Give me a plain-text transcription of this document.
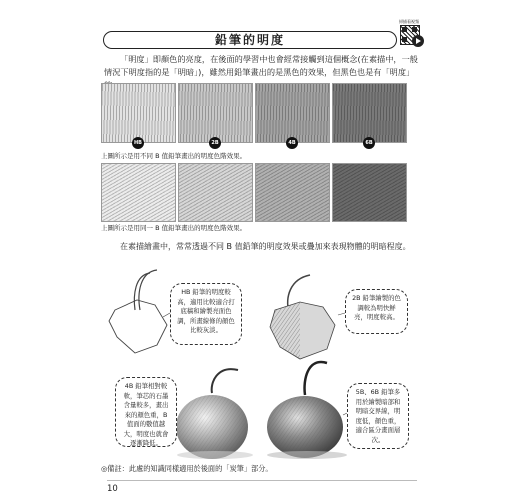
鉛筆的明度
掃描看視頻
「明度」即顏色的亮度，在後面的學習中也會經常接觸到這個概念(在素描中，一般情況下明度指的是「明暗」)，雖然用鉛筆畫出的是黑色的效果，但黑色也是有「明度」
HB	2B	4B	6B
上圖所示是用不同 B 值鉛筆畫出的明度色階效果。
上圖所示是用同一 B 值鉛筆畫出的明度色階效果。
在素描繪畫中，常常透過不同 B 值鉛筆的明度效果或疊加來表現物體的明暗程度。
HB 鉛筆的明度較高，適用比較適合打底稿和繪製亮面色調，所畫線條的顏色比較灰淡。
2B 鉛筆繪製的色調較為明快鮮亮，明度較高。
4B 鉛筆相對較軟，筆芯的石墨含量較多，畫出來的顏色重，B 值面的數值越大，明度也就會逐漸降低。
5B、6B 鉛筆多用於繪製暗部和明暗交界線，明度低，顏色重，適合區分畫面層次。
◎備註：此處的知識同樣適用於後面的「炭筆」部分。
10
